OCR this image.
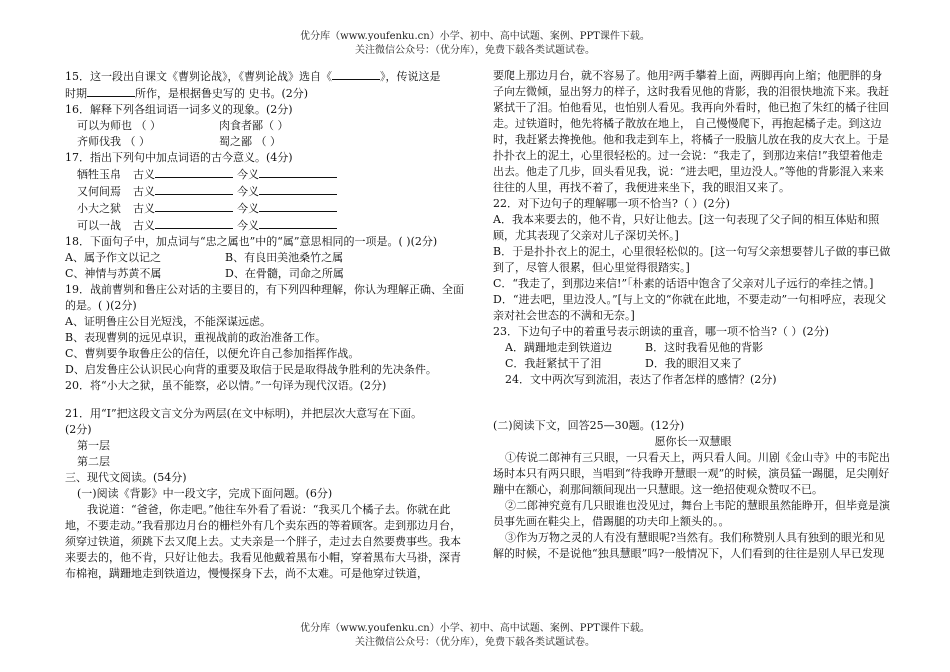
优分库（www.youfenku.cn）小学、初中、高中试题、案例、PPT课件下载。
关注微信公众号：（优分库），免费下载各类试题试卷。

15．这一段出自课文《曹刿论战》，《曹刿论战》选自《	》，传说这是

时期	所作，是根据鲁史写的 史书。(2分)

16．解释下列各组词语一词多义的现象。(2分)

可以为师也 （ ）	肉食者鄙（ ）

齐师伐我 （ ）	蜀之鄙 （ ）

17．指出下列句中加点词语的古今意义。(4分)

牺牲玉帛 古义	今义

又何间焉 古义	今义

小大之狱 古义	今义

可以一战 古义	今义

18．下面句子中，加点词与“忠之属也”中的“属”意思相同的一项是。( )(2分)

A、属予作文以记之	B、有良田美池桑竹之属

C、神情与苏黄不属	D、在骨髓，司命之所属

19．战前曹刿和鲁庄公对话的主要目的，有下列四种理解，你认为理解正确、全面的是。( )(2分)

A、证明鲁庄公目光短浅，不能深谋远虑。

B、表现曹刿的远见卓识，重视战前的政治准备工作。

C、曹刿要争取鲁庄公的信任，以便允许自己参加指挥作战。

D、启发鲁庄公认识民心向背的重要及取信于民是取得战争胜利的先决条件。

20．将“小大之狱，虽不能察，必以情。”一句译为现代汉语。(2分)

21．用“I”把这段文言文分为两层(在文中标明)，并把层次大意写在下面。

(2分)

第一层

第二层

三、现代文阅读。(54分)

(一)阅读《背影》中一段文字，完成下面问题。(6分)

我说道：“爸爸，你走吧。”他往车外看了看说：“我买几个橘子去。你就在此地，不要走动。”我看那边月台的栅栏外有几个卖东西的等着顾客。走到那边月台，须穿过铁道，须跳下去又爬上去。丈夫亲是一个胖子，走过去自然要费事些。我本来要去的，他不肯，只好让他去。我看见他戴着黑布小帽，穿着黑布大马褂，深青布棉袍，蹒跚地走到铁道边，慢慢探身下去，尚不太难。可是他穿过铁道，

要爬上那边月台，就不容易了。他用²两手攀着上面，两脚再向上缩；他肥胖的身子向左微倾，显出努力的样子，这时我看见他的背影，我的泪很快地流下来。我赶紧拭干了泪。怕他看见，也怕别人看见。我再向外看时，他已抱了朱红的橘子往回走。过铁道时，他先将橘子散放在地上， 自己慢慢爬下，再抱起橘子走。到这边时，我赶紧去搀挽他。他和我走到车上，将橘子一股脑儿放在我的皮大衣上。于是扑扑衣上的泥土，心里很轻松的。过一会说：“我走了，到那边来信!”我望着他走出去。他走了几步，回头看见我，说：“进去吧，里边没人。”等他的背影混入来来往往的人里，再找不着了，我便进来坐下，我的眼泪又来了。

22．对下边句子的理解哪一项不恰当?（ ）(2分)

A．我本来要去的，他不肯，只好让他去。[这一句表现了父子间的相互体贴和照顾，尤其表现了父亲对儿子深切关怀。]

B．于是扑扑衣上的泥土，心里很轻松似的。[这一句写父亲想要替儿子做的事已做到了，尽管人很累，但心里觉得很踏实。]

C．“我走了，到那边来信!”「朴素的话语中饱含了父亲对儿子远行的牵挂之情。]

D．“进去吧，里边没人。”[与上文的“你就在此地，不要走动”一句相呼应，表现父亲对社会世态的不满和无奈。]

23．下边句子中的着重号表示朗读的重音，哪一项不恰当?（ ）(2分)

A．蹒跚地走到铁道边	B．这时我看见他的背影

C．我赶紧拭干了泪	D．我的眼泪又来了

24．文中两次写到流泪，表达了作者怎样的感情？(2分)

(二)阅读下文，回答25—30题。(12分)

愿你长一双慧眼

①传说二郎神有三只眼，一只看天上，两只看人间。川剧《金山寺》中的韦陀出场时本只有两只眼，当唱到“待我睁开慧眼一观”的时候，演员猛一踢腿，足尖刚好蹦中在额心，刹那间额间现出一只慧眼。这一绝招使观众赞叹不已。

②二郎神究竟有几只眼谁也没见过，舞台上韦陀的慧眼虽然能睁开，但毕竟是演员事先画在鞋尖上，借踢腿的功夫印上额头的。。

③作为万物之灵的人有没有慧眼呢?当然有。我们称赞别人具有独到的眼光和见解的时候，不是说他“独具慧眼”吗?一般情况下，人们看到的往往是别人早已发现

优分库（www.youfenku.cn）小学、初中、高中试题、案例、PPT课件下载。
关注微信公众号：（优分库），免费下载各类试题试卷。
